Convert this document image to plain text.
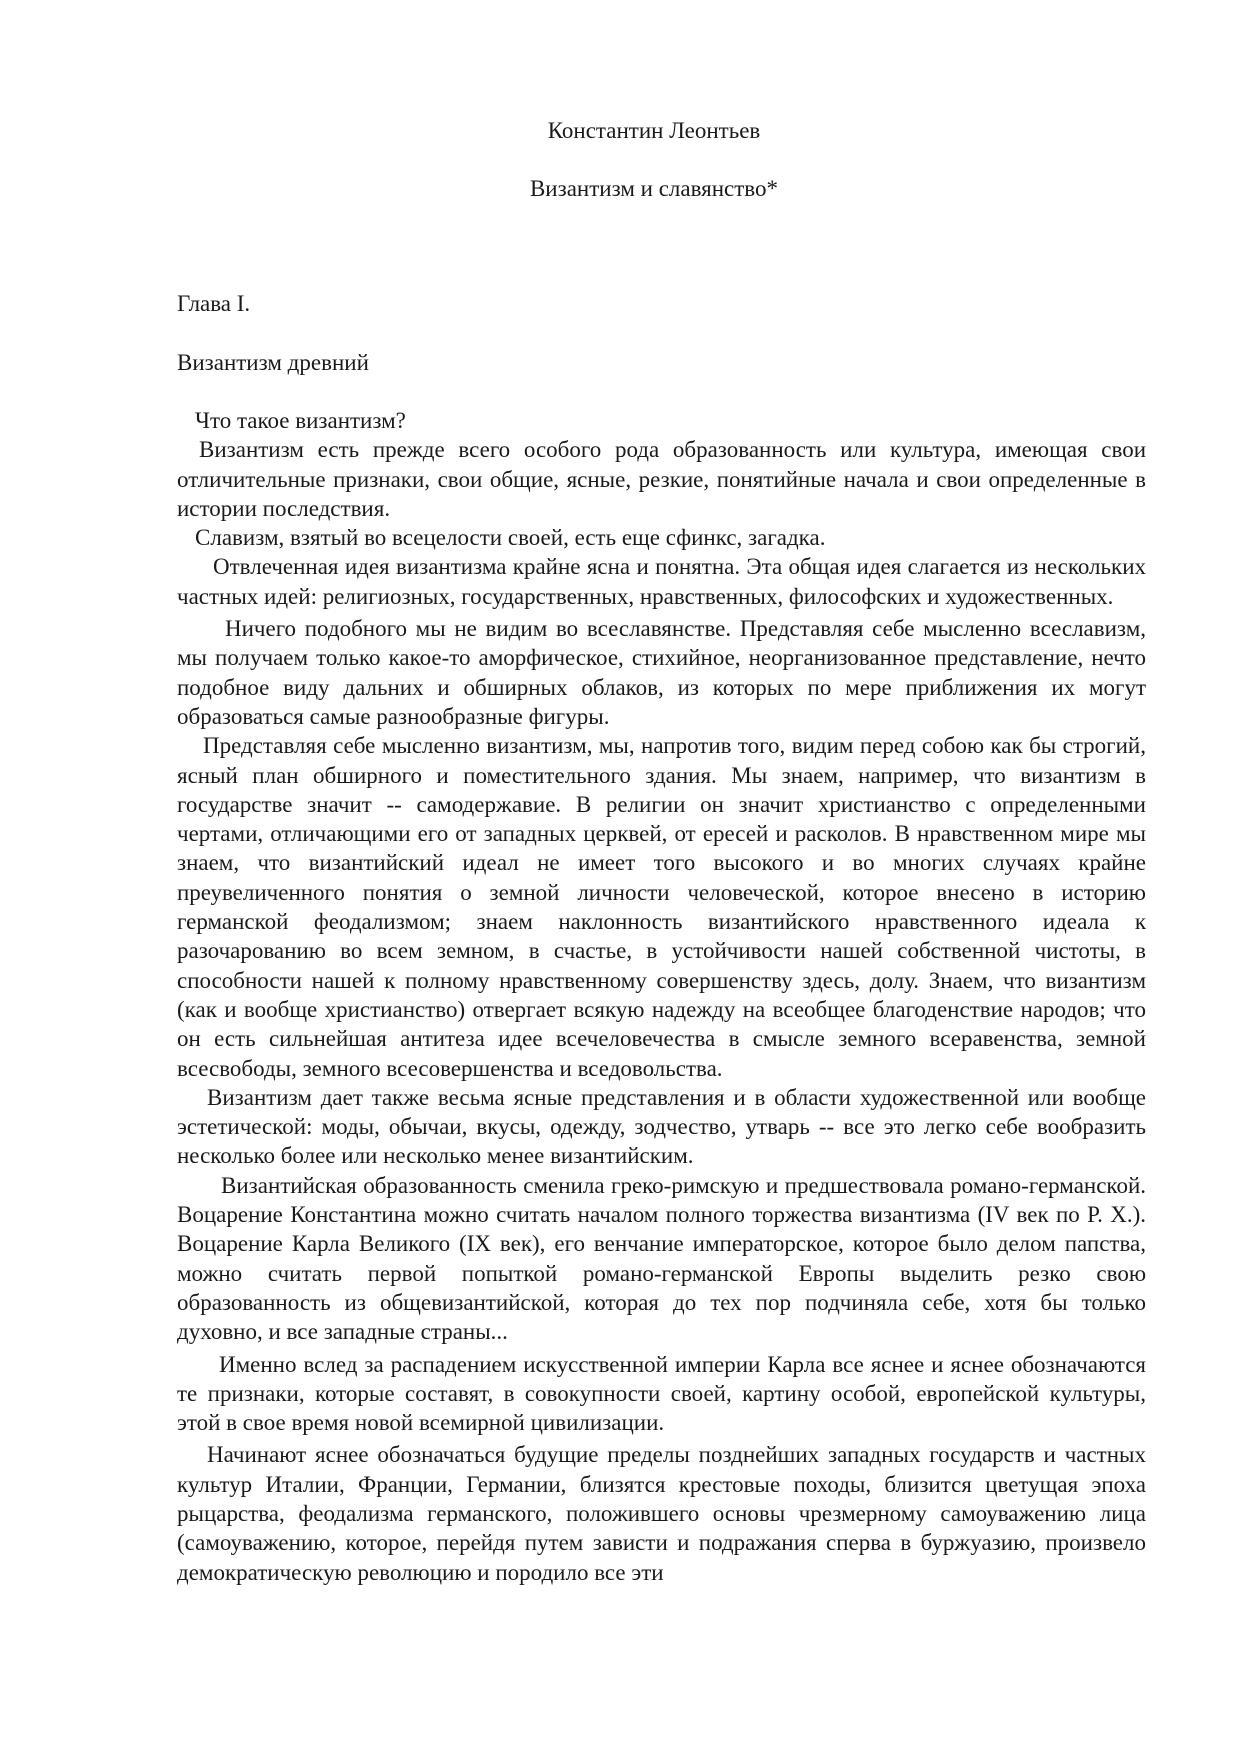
Константин Леонтьев
Византизм и славянство*
Глава I.
Византизм древний

Что такое византизм?

Византизм есть прежде всего особого рода образованность или культура, имеющая свои отличительные признаки, свои общие, ясные, резкие, понятийные начала и свои определенные в истории последствия.

Славизм, взятый во всецелости своей, есть еще сфинкс, загадка.

Отвлеченная идея византизма крайне ясна и понятна. Эта общая идея слагается из нескольких частных идей: религиозных, государственных, нравственных, философских и художественных.

Ничего подобного мы не видим во всеславянстве. Представляя себе мысленно всеславизм, мы получаем только какое-то аморфическое, стихийное, неорганизованное представление, нечто подобное виду дальних и обширных облаков, из которых по мере приближения их могут образоваться самые разнообразные фигуры.

Представляя себе мысленно византизм, мы, напротив того, видим перед собою как бы строгий, ясный план обширного и поместительного здания. Мы знаем, например, что византизм в государстве значит -- самодержавие. В религии он значит христианство с определенными чертами, отличающими его от западных церквей, от ересей и расколов. В нравственном мире мы знаем, что византийский идеал не имеет того высокого и во многих случаях крайне преувеличенного понятия о земной личности человеческой, которое внесено в историю германской феодализмом; знаем наклонность византийского нравственного идеала к разочарованию во всем земном, в счастье, в устойчивости нашей собственной чистоты, в способности нашей к полному нравственному совершенству здесь, долу. Знаем, что византизм (как и вообще христианство) отвергает всякую надежду на всеобщее благоденствие народов; что он есть сильнейшая антитеза идее всечеловечества в смысле земного всеравенства, земной всесвободы, земного всесовершенства и вседовольства.

Византизм дает также весьма ясные представления и в области художественной или вообще эстетической: моды, обычаи, вкусы, одежду, зодчество, утварь -- все это легко себе вообразить несколько более или несколько менее византийским.

Византийская образованность сменила греко-римскую и предшествовала романо-германской. Воцарение Константина можно считать началом полного торжества византизма (IV век по Р. X.). Воцарение Карла Великого (IX век), его венчание императорское, которое было делом папства, можно считать первой попыткой романо-германской Европы выделить резко свою образованность из общевизантийской, которая до тех пор подчиняла себе, хотя бы только духовно, и все западные страны...

Именно вслед за распадением искусственной империи Карла все яснее и яснее обозначаются те признаки, которые составят, в совокупности своей, картину особой, европейской культуры, этой в свое время новой всемирной цивилизации.

Начинают яснее обозначаться будущие пределы позднейших западных государств и частных культур Италии, Франции, Германии, близятся крестовые походы, близится цветущая эпоха рыцарства, феодализма германского, положившего основы чрезмерному самоуважению лица (самоуважению, которое, перейдя путем зависти и подражания сперва в буржуазию, произвело демократическую революцию и породило все эти
